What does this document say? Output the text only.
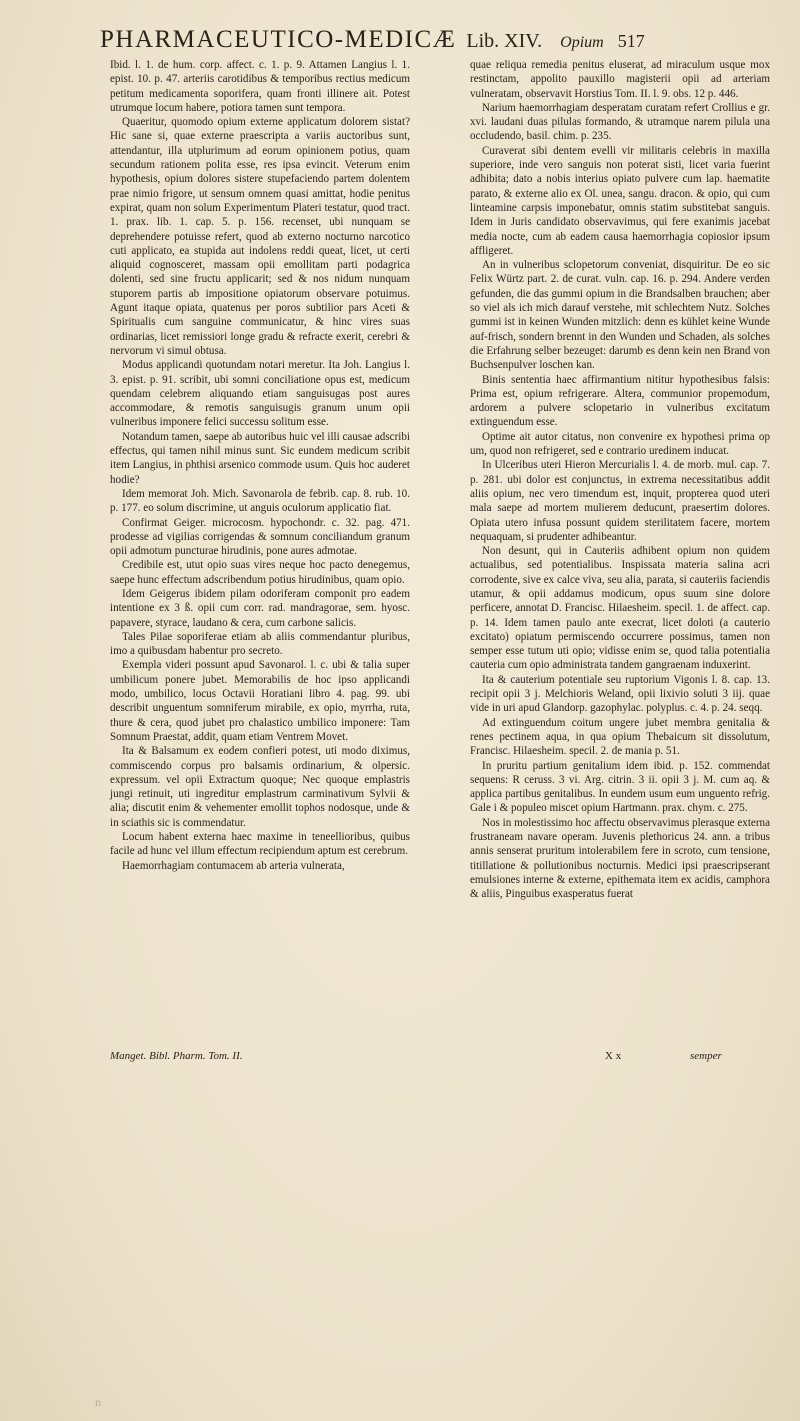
PHARMACEUTICO-MEDICÆ Lib. XIV. Opium 517

Ibid. l. 1. de hum. corp. affect. c. 1. p. 9. Attamen Langius l. 1. epist. 10. p. 47. arteriis carotidibus & temporibus rectius medicum petitum medicamenta soporifera, quam fronti illinere ait. Potest utrumque locum habere, potiora tamen sunt tempora.

Quaeritur, quomodo opium externe applicatum dolorem sistat? Hic sane si, quae externe praescripta a variis auctoribus sunt, attendantur, illa utplurimum ad eorum opinionem potius, quam secundum rationem polita esse, res ipsa evincit. Veterum enim hypothesis, opium dolores sistere stupefaciendo partem dolentem prae nimio frigore, ut sensum omnem quasi amittat, hodie penitus expirat, quam non solum Experimentum Plateri testatur, quod tract. 1. prax. lib. 1. cap. 5. p. 156. recenset, ubi nunquam se deprehendere potuisse refert, quod ab externo nocturno narcotico cuti applicato, ea stupida aut indolens reddi queat, licet, ut certi aliquid cognosceret, massam opii emollitam parti podagrica dolenti, sed sine fructu applicarit; sed & nos nidum nunquam stuporem partis ab impositione opiatorum observare potuimus. Agunt itaque opiata, quatenus per poros subtilior pars Aceti & Spiritualis cum sanguine communicatur, & hinc vires suas ordinarias, licet remissiori longe gradu & refracte exerit, cerebri & nervorum vi simul obtusa.

Modus applicandi quotundam notari meretur. Ita Joh. Langius l. 3. epist. p. 91. scribit, ubi somni conciliatione opus est, medicum quendam celebrem aliquando etiam sanguisugas post aures accommodare, & remotis sanguisugis granum unum opii vulneribus imponere felici successu solitum esse.

Notandum tamen, saepe ab autoribus huic vel illi causae adscribi effectus, qui tamen nihil minus sunt. Sic eundem medicum scribit item Langius, in phthisi arsenico commode usum. Quis hoc auderet hodie?

Idem memorat Joh. Mich. Savonarola de febrib. cap. 8. rub. 10. p. 177. eo solum discrimine, ut anguis oculorum applicatio fiat.

Confirmat Geiger. microcosm. hypochondr. c. 32. pag. 471. prodesse ad vigilias corrigendas & somnum conciliandum granum opii admotum puncturae hirudinis, pone aures admotae.

Credibile est, utut opio suas vires neque hoc pacto denegemus, saepe hunc effectum adscribendum potius hirudinibus, quam opio.

Idem Geigerus ibidem pilam odoriferam componit pro eadem intentione ex 3 ß. opii cum corr. rad. mandragorae, sem. hyosc. papavere, styrace, laudano & cera, cum carbone salicis.

Tales Pilae soporiferae etiam ab aliis commendantur pluribus, imo a quibusdam habentur pro secreto.

Exempla videri possunt apud Savonarol. l. c. ubi & talia super umbilicum ponere jubet. Memorabilis de hoc ipso applicandi modo, umbilico, locus Octavii Horatiani libro 4. pag. 99. ubi describit unguentum somniferum mirabile, ex opio, myrrha, ruta, thure & cera, quod jubet pro chalastico umbilico imponere: Tam Somnum Praestat, addit, quam etiam Ventrem Movet.

Ita & Balsamum ex eodem confieri potest, uti modo diximus, commiscendo corpus pro balsamis ordinarium, & olpersic. expressum. vel opii Extractum quoque; Nec quoque emplastris jungi retinuit, uti ingreditur emplastrum carminativum Sylvii & alia; discutit enim & vehementer emollit tophos nodosque, unde & in sciathis sic is commendatur.

Locum habent externa haec maxime in teneellioribus, quibus facile ad hunc vel illum effectum recipiendum aptum est cerebrum.

Haemorrhagiam contumacem ab arteria vulnerata,

quae reliqua remedia penitus eluserat, ad miraculum usque mox restinctam, appolito pauxillo magisterii opii ad arteriam vulneratam, observavit Horstius Tom. II. l. 9. obs. 12 p. 446.

Narium haemorrhagiam desperatam curatam refert Crollius e gr. xvi. laudani duas pilulas formando, & utramque narem pilula una occludendo, basil. chim. p. 235.

Curaverat sibi dentem evelli vir militaris celebris in maxilla superiore, inde vero sanguis non poterat sisti, licet varia fuerint adhibita; dato a nobis interius opiato pulvere cum lap. haematite parato, & externe alio ex Ol. unea, sangu. dracon. & opio, qui cum linteamine carpsis imponebatur, omnis statim substitebat sanguis. Idem in Juris candidato observavimus, qui fere exanimis jacebat media nocte, cum ab eadem causa haemorrhagia copiosior ipsum affligeret.

An in vulneribus sclopetorum conveniat, disquiritur. De eo sic Felix Würtz part. 2. de curat. vuln. cap. 16. p. 294. Andere verden gefunden, die das gummi opium in die Brandsalben brauchen; aber so viel als ich mich darauf verstehe, mit schlechtem Nutz. Solches gummi ist in keinen Wunden mitzlich: denn es kühlet keine Wunde auf-frisch, sondern brennt in den Wunden und Schaden, als solches die Erfahrung selber bezeuget: darumb es denn kein nen Brand von Buchsenpulver loschen kan.

Binis sententia haec affirmantium nititur hypothesibus falsis: Prima est, opium refrigerare. Altera, communior propemodum, ardorem a pulvere sclopetario in vulneribus excitatum extinguendum esse.

Optime ait autor citatus, non convenire ex hypothesi prima op um, quod non refrigeret, sed e contrario uredinem inducat.

In Ulceribus uteri Hieron Mercurialis l. 4. de morb. mul. cap. 7. p. 281. ubi dolor est conjunctus, in extrema necessitatibus addit aliis opium, nec vero timendum est, inquit, propterea quod uteri mala saepe ad mortem mulierem deducunt, praesertim dolores. Opiata utero infusa possunt quidem sterilitatem facere, mortem nequaquam, si prudenter adhibeantur.

Non desunt, qui in Cauteriis adhibent opium non quidem actualibus, sed potentialibus. Inspissata materia salina acri corrodente, sive ex calce viva, seu alia, parata, si cauteriis faciendis utamur, & opii addamus modicum, opus suum sine dolore perficere, annotat D. Francisc. Hilaesheim. specil. 1. de affect. cap. p. 14. Idem tamen paulo ante execrat, licet doloti (a cauterio excitato) opiatum permiscendo occurrere possimus, tamen non semper esse tutum uti opio; vidisse enim se, quod talia potentialia cauteria cum opio administrata tandem gangraenam induxerint.

Ita & cauterium potentiale seu ruptorium Vigonis l. 8. cap. 13. recipit opii 3 j. Melchioris Weland, opii lixivio soluti 3 iij. quae vide in uri apud Glandorp. gazophylac. polyplus. c. 4. p. 24. seqq.

Ad extinguendum coitum ungere jubet membra genitalia & renes pectinem aqua, in qua opium Thebaicum sit dissolutum, Francisc. Hilaesheim. specil. 2. de mania p. 51.

In pruritu partium genitalium idem ibid. p. 152. commendat sequens: R ceruss. 3 vi. Arg. citrin. 3 ii. opii 3 j. M. cum aq. & applica partibus genitalibus. In eundem usum eum unguento refrig. Gale i & populeo miscet opium Hartmann. prax. chym. c. 275.

Nos in molestissimo hoc affectu observavimus plerasque externa frustraneam navare operam. Juvenis plethoricus 24. ann. a tribus annis senserat pruritum intolerabilem fere in scroto, cum tensione, titillatione & pollutionibus nocturnis. Medici ipsi praescripserant emulsiones interne & externe, epithemata item ex acidis, camphora & aliis, Pinguibus exasperatus fuerat

Manget. Bibl. Pharm. Tom. II.	X x	semper
n
